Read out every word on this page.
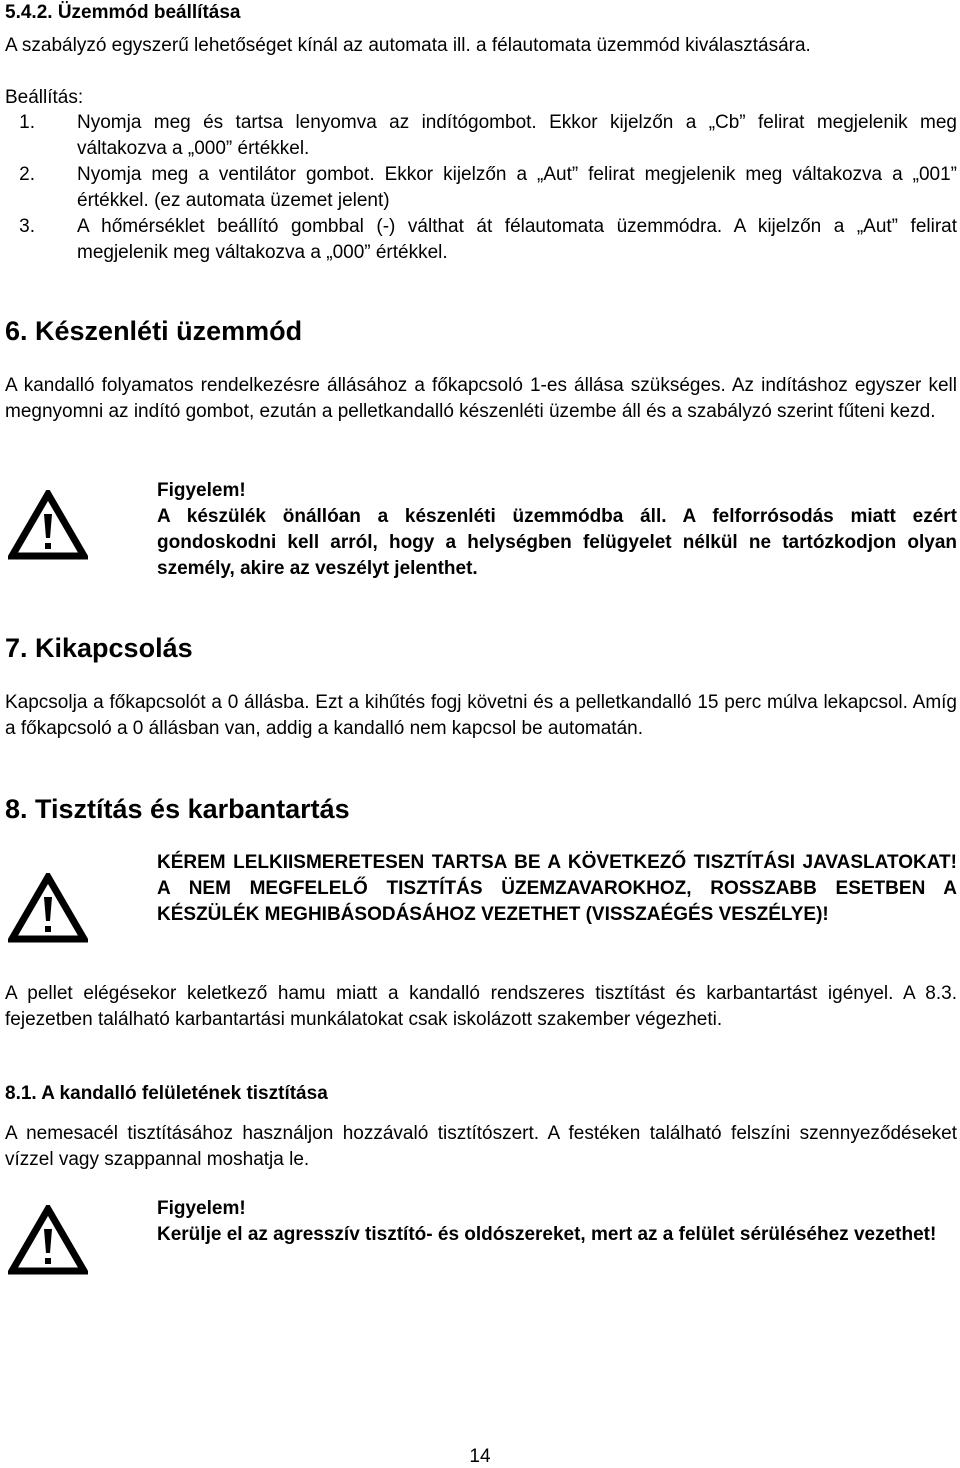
5.4.2. Üzemmód beállítása
A szabályzó egyszerű lehetőséget kínál az automata ill. a félautomata üzemmód kiválasztására.
Beállítás:
1. Nyomja meg és tartsa lenyomva az indítógombot. Ekkor kijelzőn a „Cb” felirat megjelenik meg váltakozva a „000” értékkel.
2. Nyomja meg a ventilátor gombot. Ekkor kijelzőn a „Aut” felirat megjelenik meg váltakozva a „001” értékkel. (ez automata üzemet jelent)
3. A hőmérséklet beállító gombbal (-) válthat át félautomata üzemmódra. A kijelzőn a „Aut” felirat megjelenik meg váltakozva a „000” értékkel.
6. Készenléti üzemmód
A kandalló folyamatos rendelkezésre állásához a főkapcsoló 1-es állása szükséges. Az indításhoz egyszer kell megnyomni az indító gombot, ezután a pelletkandalló készenléti üzembe áll és a szabályzó szerint fűteni kezd.
Figyelem!
A készülék önállóan a készenléti üzemmódba áll. A felforrósodás miatt ezért gondoskodni kell arról, hogy a helységben felügyelet nélkül ne tartózkodjon olyan személy, akire az veszélyt jelenthet.
7. Kikapcsolás
Kapcsolja a főkapcsolót a 0 állásba. Ezt a kihűtés fogj követni és a pelletkandalló 15 perc múlva lekapcsol. Amíg a főkapcsoló a 0 állásban van, addig a kandalló nem kapcsol be automatán.
8. Tisztítás és karbantartás
KÉREM LELKIISMERETESEN TARTSA BE A KÖVETKEZŐ TISZTÍTÁSI JAVASLATOKAT! A NEM MEGFELELŐ TISZTÍTÁS ÜZEMZAVAROKHOZ, ROSSZABB ESETBEN A KÉSZÜLÉK MEGHIBÁSODÁSÁHOZ VEZETHET (VISSZAÉGÉS VESZÉLYE)!
A pellet elégésekor keletkező hamu miatt a kandalló rendszeres tisztítást és karbantartást igényel. A 8.3. fejezetben található karbantartási munkálatokat csak iskolázott szakember végezheti.
8.1. A kandalló felületének tisztítása
A nemesacél tisztításához használjon hozzávaló tisztítószert. A festéken található felszíni szennyeződéseket vízzel vagy szappannal moshatja le.
Figyelem!
Kerülje el az agresszív tisztító- és oldószereket, mert az a felület sérüléséhez vezethet!
14
